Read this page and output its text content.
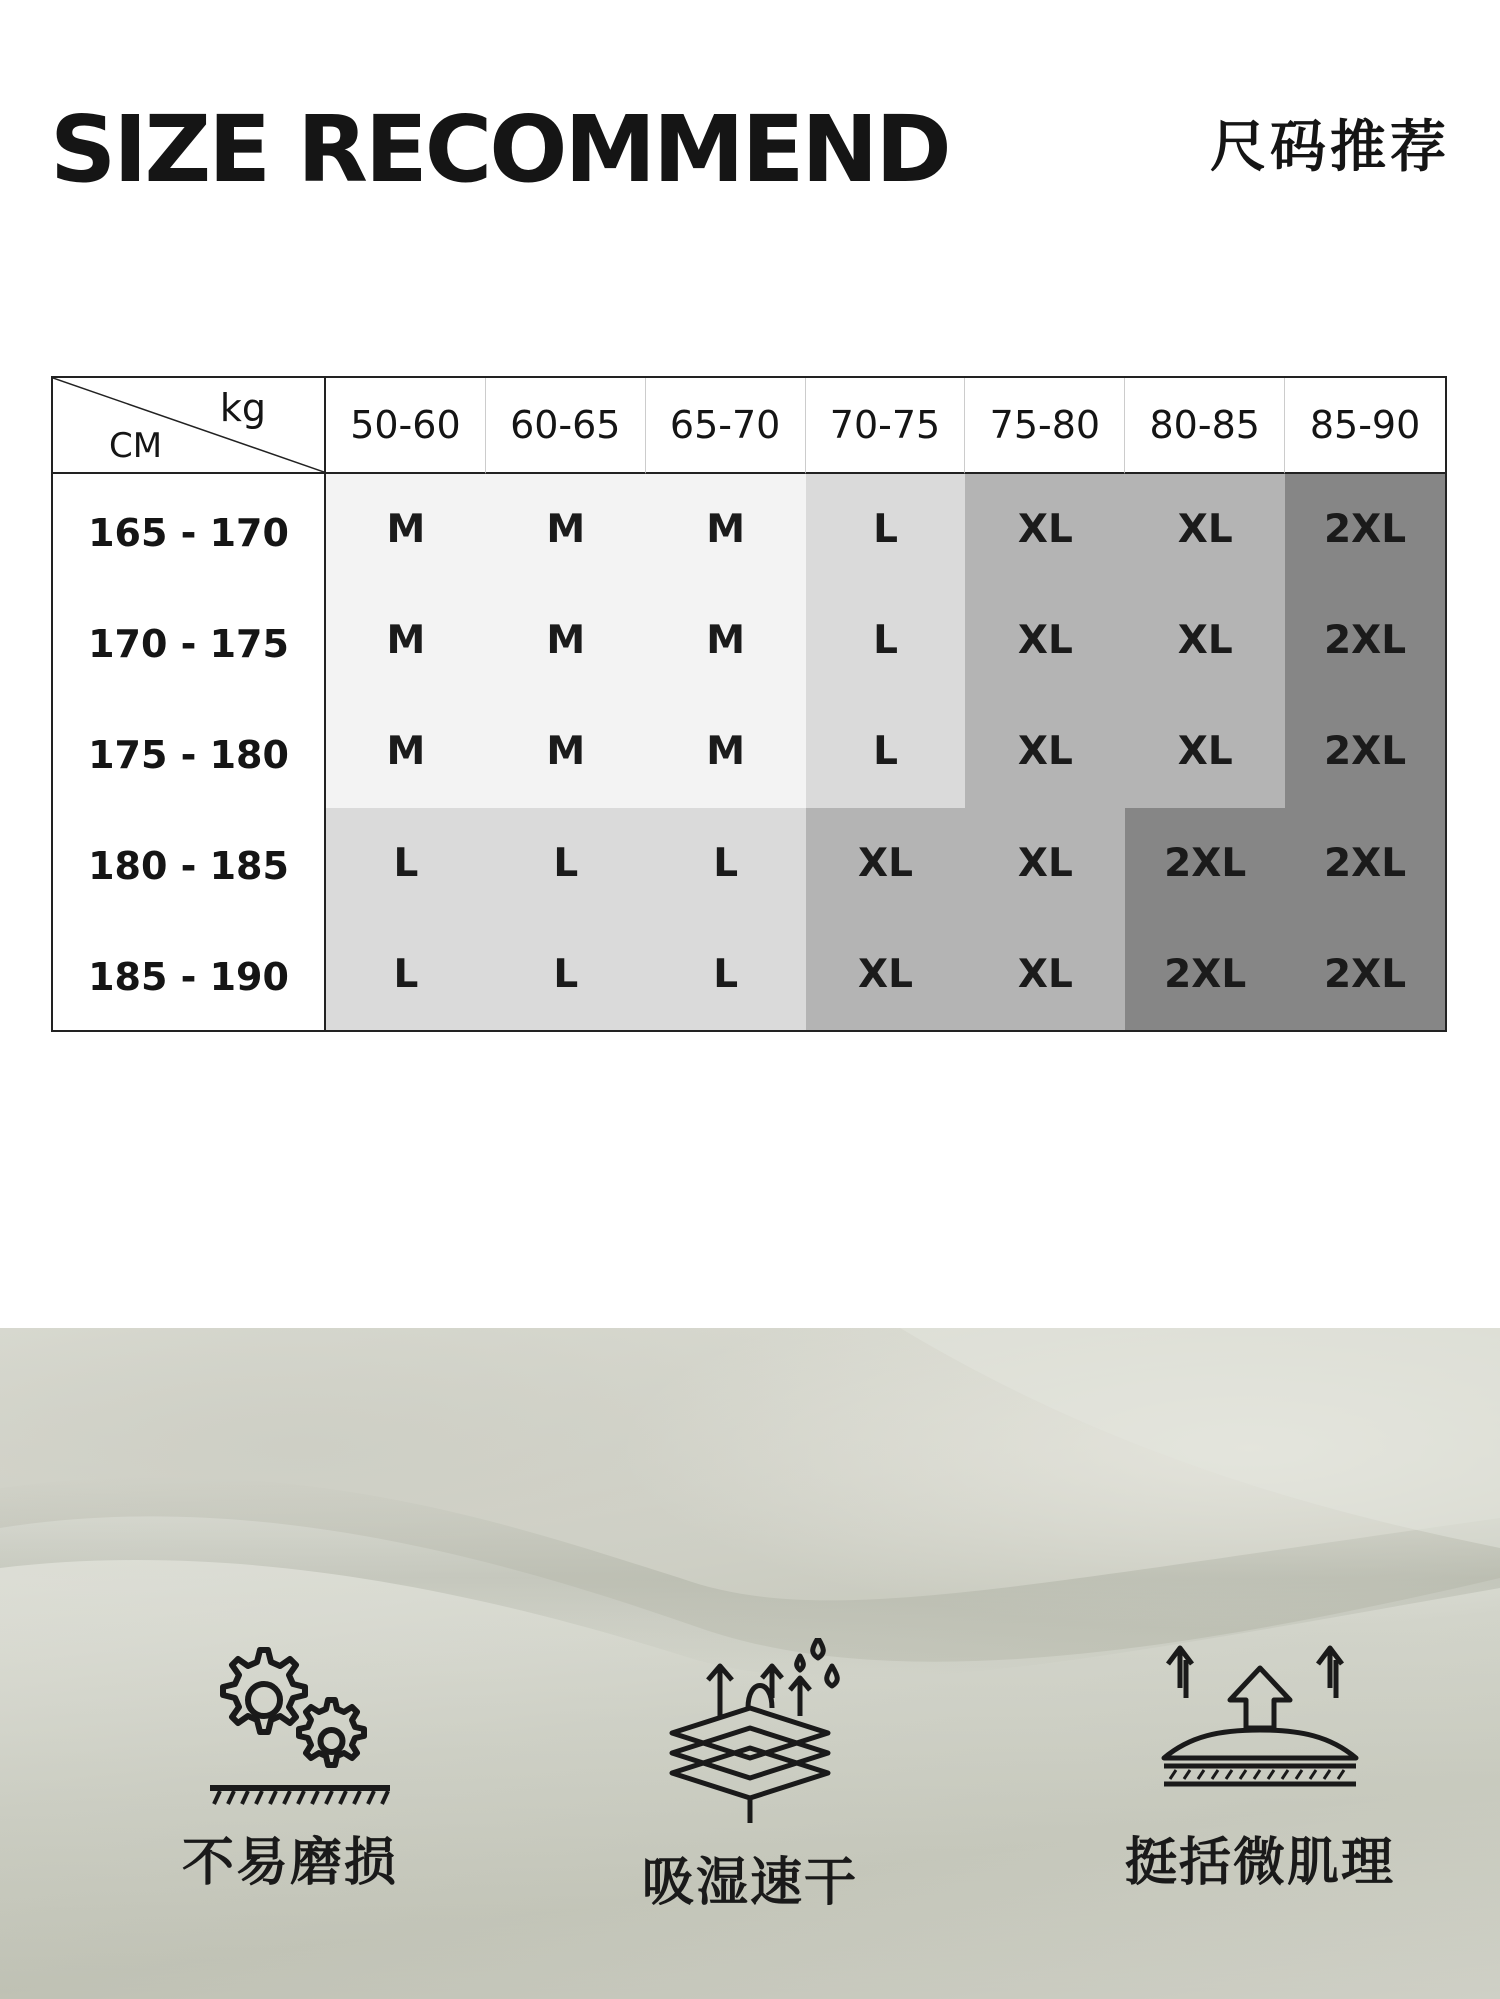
SIZE RECOMMEND	尺码推荐
kg
CM	50-60	60-65	65-70	70-75	75-80	80-85	85-90
165 - 170	M	M	M	L	XL	XL	2XL
170 - 175	M	M	M	L	XL	XL	2XL
175 - 180	M	M	M	L	XL	XL	2XL
180 - 185	L	L	L	XL	XL	2XL	2XL
185 - 190	L	L	L	XL	XL	2XL	2XL
不易磨损	吸湿速干	挺括微肌理
